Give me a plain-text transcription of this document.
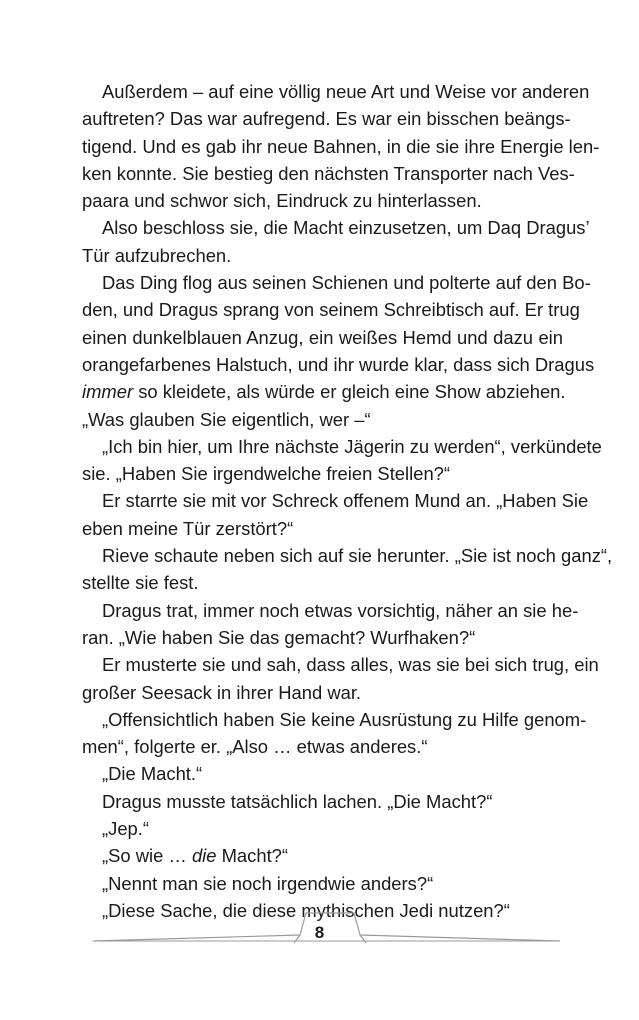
Außerdem – auf eine völlig neue Art und Weise vor anderen
auftreten? Das war aufregend. Es war ein bisschen beängs-
tigend. Und es gab ihr neue Bahnen, in die sie ihre Energie len-
ken konnte. Sie bestieg den nächsten Transporter nach Ves-
paara und schwor sich, Eindruck zu hinterlassen.
Also beschloss sie, die Macht einzusetzen, um Daq Dragus’
Tür aufzubrechen.
Das Ding flog aus seinen Schienen und polterte auf den Bo-
den, und Dragus sprang von seinem Schreibtisch auf. Er trug
einen dunkelblauen Anzug, ein weißes Hemd und dazu ein
orangefarbenes Halstuch, und ihr wurde klar, dass sich Dragus
immer so kleidete, als würde er gleich eine Show abziehen.
„Was glauben Sie eigentlich, wer –“
„Ich bin hier, um Ihre nächste Jägerin zu werden“, verkündete
sie. „Haben Sie irgendwelche freien Stellen?“
Er starrte sie mit vor Schreck offenem Mund an. „Haben Sie
eben meine Tür zerstört?“
Rieve schaute neben sich auf sie herunter. „Sie ist noch ganz“,
stellte sie fest.
Dragus trat, immer noch etwas vorsichtig, näher an sie he-
ran. „Wie haben Sie das gemacht? Wurfhaken?“
Er musterte sie und sah, dass alles, was sie bei sich trug, ein
großer Seesack in ihrer Hand war.
„Offensichtlich haben Sie keine Ausrüstung zu Hilfe genom-
men“, folgerte er. „Also … etwas anderes.“
„Die Macht.“
Dragus musste tatsächlich lachen. „Die Macht?“
„Jep.“
„So wie … die Macht?“
„Nennt man sie noch irgendwie anders?“
„Diese Sache, die diese mythischen Jedi nutzen?“
8
